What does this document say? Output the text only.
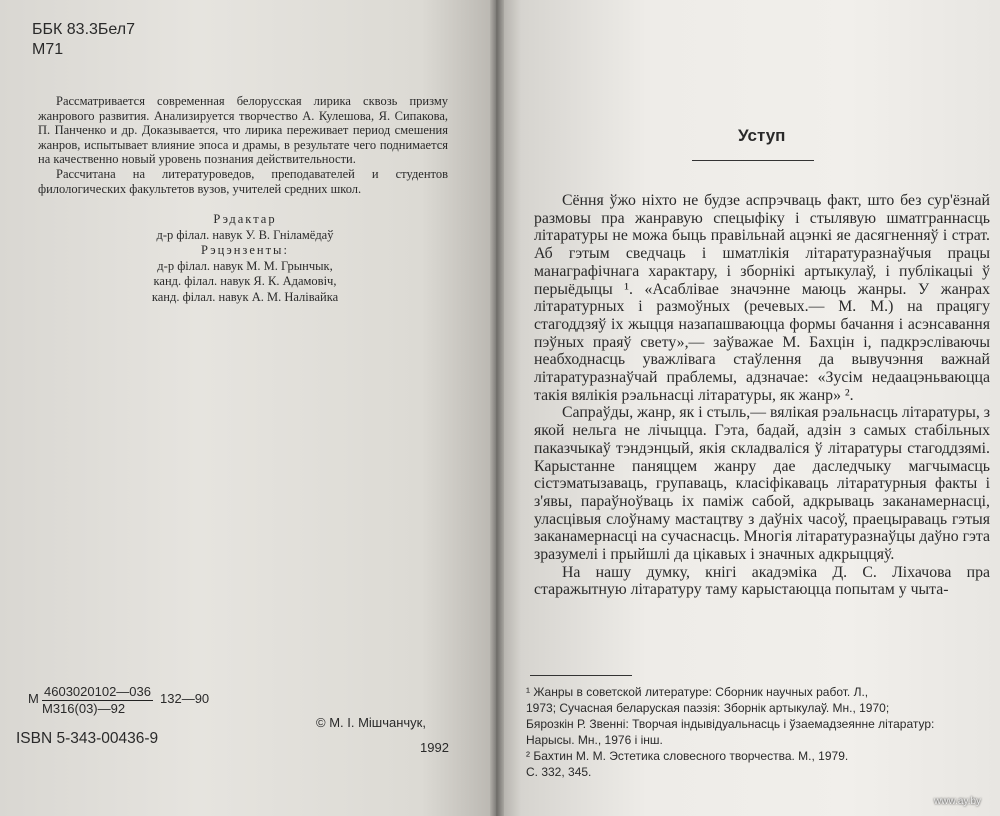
ББК 83.3Бел7
М71

Рассматривается современная белорусская лирика сквозь призму жанрового развития. Анализируется творчество А. Кулешова, Я. Сипакова, П. Панченко и др. Доказывается, что лирика переживает период смешения жанров, испытывает влияние эпоса и драмы, в результате чего поднимается на качественно новый уровень познания действительности.

Рассчитана на литературоведов, преподавателей и студентов филологических факультетов вузов, учителей средних школ.

Рэдактар
д-р філал. навук У. В. Гніламёдаў
Рэцэнзенты:
д-р філал. навук М. М. Грынчык,
канд. філал. навук Я. К. Адамовіч,
канд. філал. навук А. М. Налівайка
М 4603020102—036
М316(03)—92
132—90
ISBN 5-343-00436-9
© М. І. Мішчанчук,
1992
Уступ

Сёння ўжо ніхто не будзе аспрэчваць факт, што без сур'ёзнай размовы пра жанравую спецыфіку і стылявую шматграннасць літаратуры не можа быць правільнай ацэнкі яе дасягненняў і страт. Аб гэтым сведчаць і шматлікія літаратуразнаўчыя працы манаграфічнага характару, і зборнікі артыкулаў, і публікацыі ў перыёдыцы ¹. «Асаблівае значэнне маюць жанры. У жанрах літаратурных і размоўных (речевых.— М. М.) на працягу стагоддзяў іх жыцця назапашваюцца формы бачання і асэнсавання пэўных праяў свету»,— заўважае М. Бахцін і, падкрэсліваючы неабходнасць уважлівага стаўлення да вывучэння важнай літаратуразнаўчай праблемы, адзначае: «Зусім недаацэньваюцца такія вялікія рэальнасці літаратуры, як жанр» ².

Сапраўды, жанр, як і стыль,— вялікая рэальнасць літаратуры, з якой нельга не лічыцца. Гэта, бадай, адзін з самых стабільных паказчыкаў тэндэнцый, якія складваліся ў літаратуры стагоддзямі. Карыстанне паняццем жанру дае даследчыку магчымасць сістэматызаваць, групаваць, класіфікаваць літаратурныя факты і з'явы, параўноўваць іх паміж сабой, адкрываць заканамернасці, уласцівыя слоўнаму мастацтву з даўніх часоў, праецыраваць гэтыя заканамернасці на сучаснасць. Многія літаратуразнаўцы даўно гэта зразумелі і прыйшлі да цікавых і значных адкрыццяў.

На нашу думку, кнігі акадэміка Д. С. Ліхачова пра старажытную літаратуру таму карыстаюцца попытам у чыта-

¹ Жанры в советской литературе: Сборник научных работ. Л.,
1973; Сучасная беларуская паэзія: Зборнік артыкулаў. Мн., 1970;
Бярозкін Р. Звенні: Творчая індывідуальнасць і ўзаемадзеянне літаратур:
Нарысы. Мн., 1976 і інш.
² Бахтин М. М. Эстетика словесного творчества. М., 1979.
С. 332, 345.
www.ay.by
